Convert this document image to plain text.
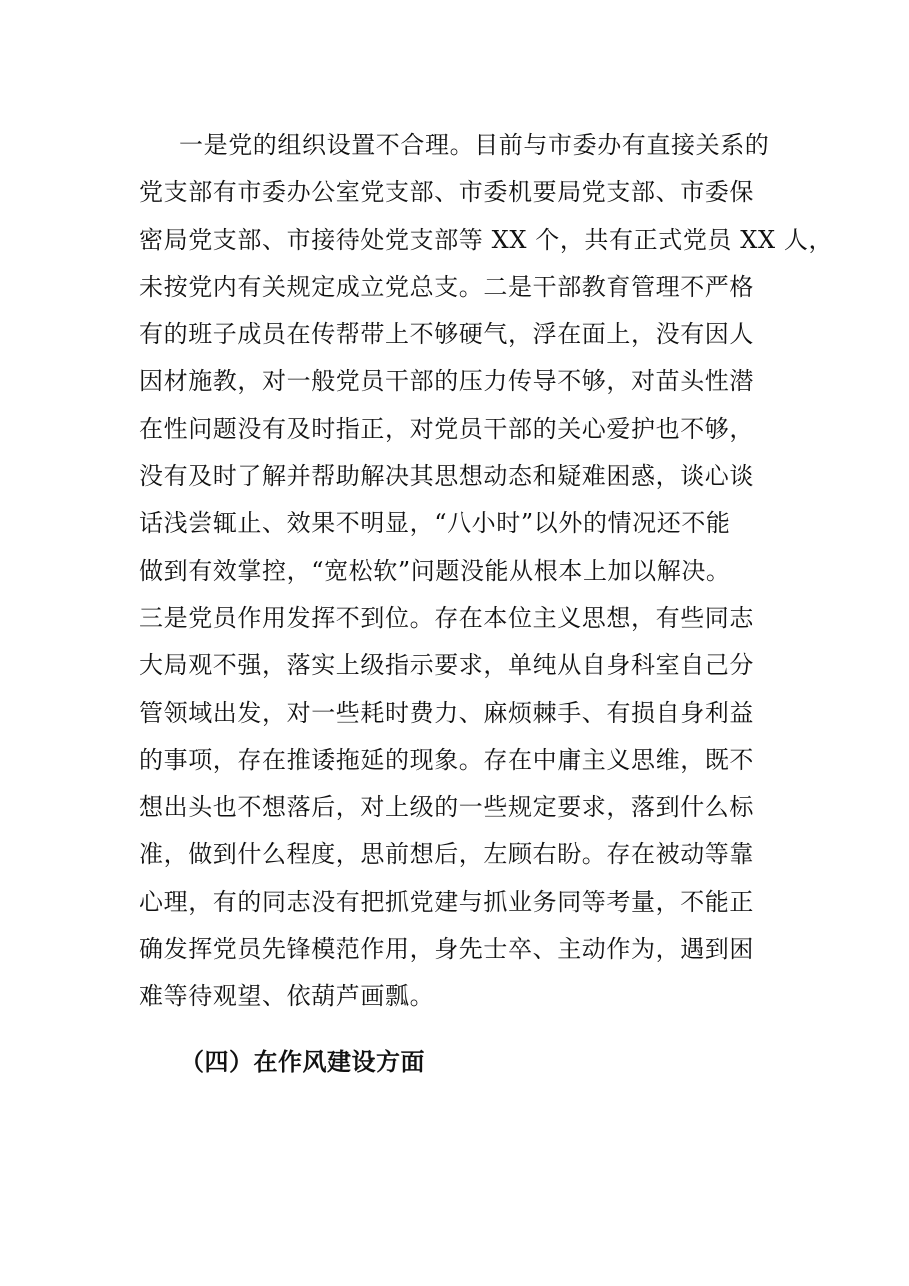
一是党的组织设置不合理。目前与市委办有直接关系的
党支部有市委办公室党支部、市委机要局党支部、市委保
密局党支部、市接待处党支部等 XX 个，共有正式党员 XX 人，
未按党内有关规定成立党总支。二是干部教育管理不严格
有的班子成员在传帮带上不够硬气，浮在面上，没有因人
因材施教，对一般党员干部的压力传导不够，对苗头性潜
在性问题没有及时指正，对党员干部的关心爱护也不够，
没有及时了解并帮助解决其思想动态和疑难困惑，谈心谈
话浅尝辄止、效果不明显，“八小时”以外的情况还不能
做到有效掌控，“宽松软”问题没能从根本上加以解决。
三是党员作用发挥不到位。存在本位主义思想，有些同志
大局观不强，落实上级指示要求，单纯从自身科室自己分
管领域出发，对一些耗时费力、麻烦棘手、有损自身利益
的事项，存在推诿拖延的现象。存在中庸主义思维，既不
想出头也不想落后，对上级的一些规定要求，落到什么标
准，做到什么程度，思前想后，左顾右盼。存在被动等靠
心理，有的同志没有把抓党建与抓业务同等考量，不能正
确发挥党员先锋模范作用，身先士卒、主动作为，遇到困
难等待观望、依葫芦画瓢。
（四）在作风建设方面
